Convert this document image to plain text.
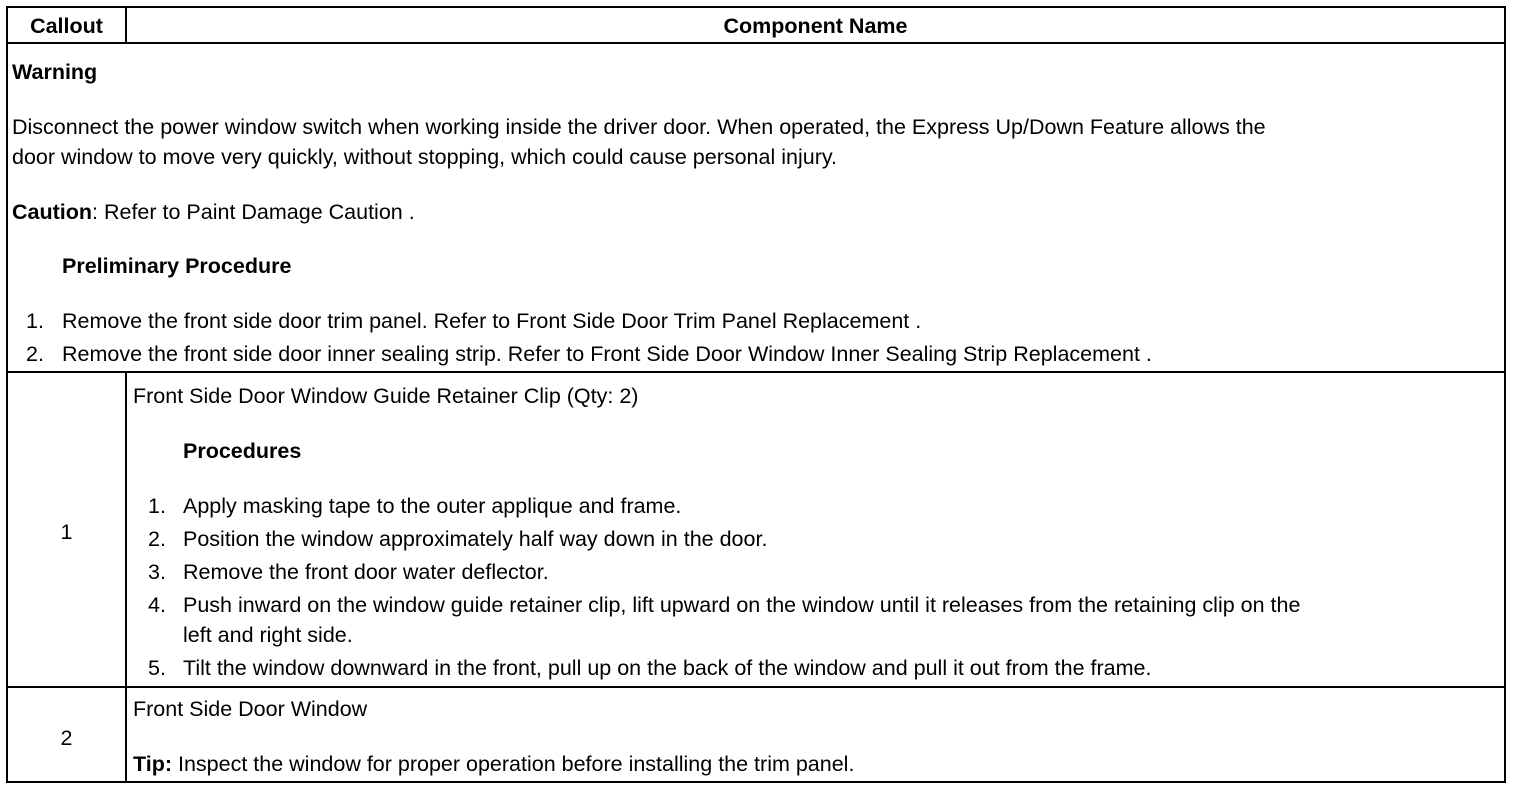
Callout	Component Name
Warning
Disconnect the power window switch when working inside the driver door. When operated, the Express Up/Down Feature allows the
door window to move very quickly, without stopping, which could cause personal injury.
Caution: Refer to Paint Damage Caution .
Preliminary Procedure
1. Remove the front side door trim panel. Refer to Front Side Door Trim Panel Replacement .
2. Remove the front side door inner sealing strip. Refer to Front Side Door Window Inner Sealing Strip Replacement .
1
Front Side Door Window Guide Retainer Clip (Qty: 2)
Procedures
1. Apply masking tape to the outer applique and frame.
2. Position the window approximately half way down in the door.
3. Remove the front door water deflector.
4. Push inward on the window guide retainer clip, lift upward on the window until it releases from the retaining clip on the
left and right side.
5. Tilt the window downward in the front, pull up on the back of the window and pull it out from the frame.
2
Front Side Door Window
Tip: Inspect the window for proper operation before installing the trim panel.
